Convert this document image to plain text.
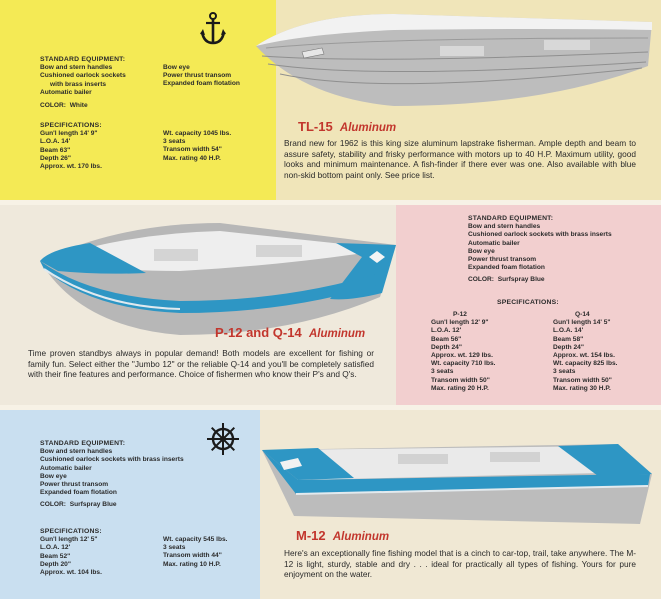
STANDARD EQUIPMENT:
Bow and stern handles
Cushioned oarlock sockets
with brass inserts
Automatic bailer
Bow eye
Power thrust transom
Expanded foam flotation
COLOR: White
SPECIFICATIONS:
Gun'l length 14' 9"
L.O.A. 14'
Beam 63"
Depth 26"
Approx. wt. 170 lbs.
Wt. capacity 1045 lbs.
3 seats
Transom width 54"
Max. rating 40 H.P.
TL-15 Aluminum
Brand new for 1962 is this king size aluminum lapstrake fisherman. Ample depth and beam to assure safety, stability and frisky performance with motors up to 40 H.P. Maximum utility, good looks and minimum maintenance. A fish-finder if there ever was one. Also available with blue non-skid bottom paint only. See price list.
STANDARD EQUIPMENT:
Bow and stern handles
Cushioned oarlock sockets with brass inserts
Automatic bailer
Bow eye
Power thrust transom
Expanded foam flotation
COLOR: Surfspray Blue
SPECIFICATIONS:
P-12
Gun'l length 12' 9"
L.O.A. 12'
Beam 56"
Depth 24"
Approx. wt. 129 lbs.
Wt. capacity 710 lbs.
3 seats
Transom width 50"
Max. rating 20 H.P.
Q-14
Gun'l length 14' 5"
L.O.A. 14'
Beam 58"
Depth 24"
Approx. wt. 154 lbs.
Wt. capacity 825 lbs.
3 seats
Transom width 50"
Max. rating 30 H.P.
P-12 and Q-14 Aluminum
Time proven standbys always in popular demand! Both models are excellent for fishing or family fun. Select either the "Jumbo 12" or the reliable Q-14 and you'll be completely satisfied with their fine features and performance. Choice of fishermen who know their P's and Q's.
STANDARD EQUIPMENT:
Bow and stern handles
Cushioned oarlock sockets with brass inserts
Automatic bailer
Bow eye
Power thrust transom
Expanded foam flotation
COLOR: Surfspray Blue
SPECIFICATIONS:
Gun'l length 12' 5"
L.O.A. 12'
Beam 52"
Depth 20"
Approx. wt. 104 lbs.
Wt. capacity 545 lbs.
3 seats
Transom width 44"
Max. rating 10 H.P.
M-12 Aluminum
Here's an exceptionally fine fishing model that is a cinch to car-top, trail, take anywhere. The M-12 is light, sturdy, stable and dry . . . ideal for practically all types of fishing. Yours for pure enjoyment on the water.
